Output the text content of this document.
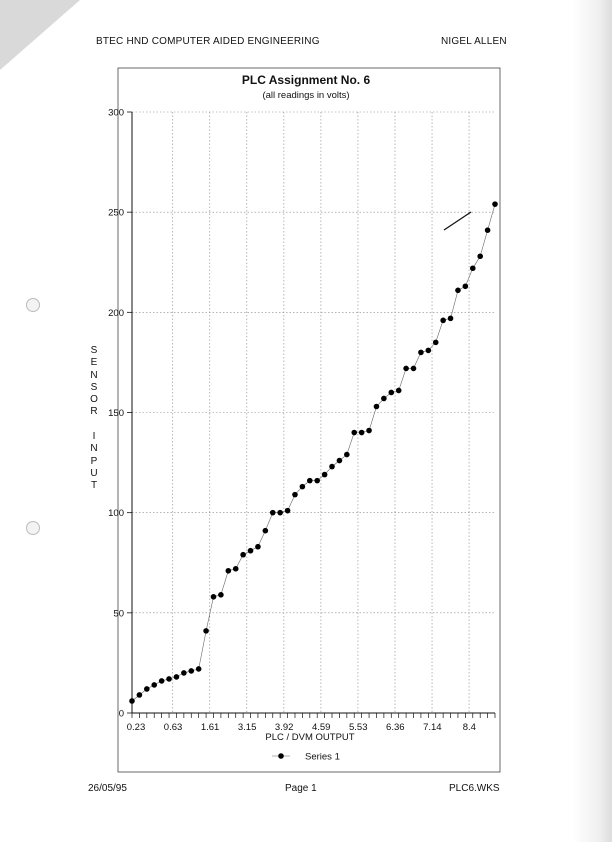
BTEC HND COMPUTER AIDED ENGINEERING	NIGEL ALLEN
PLC Assignment No. 6
(all readings in volts)
0
50
100
150
200
250
300
0.23 0.63 1.61 3.15 3.92 4.59 5.53 6.36 7.14 8.4
PLC / DVM OUTPUT
Series 1
S
E
N
S
O
R

I
N
P
U
T
26/05/95	Page 1	PLC6.WKS
